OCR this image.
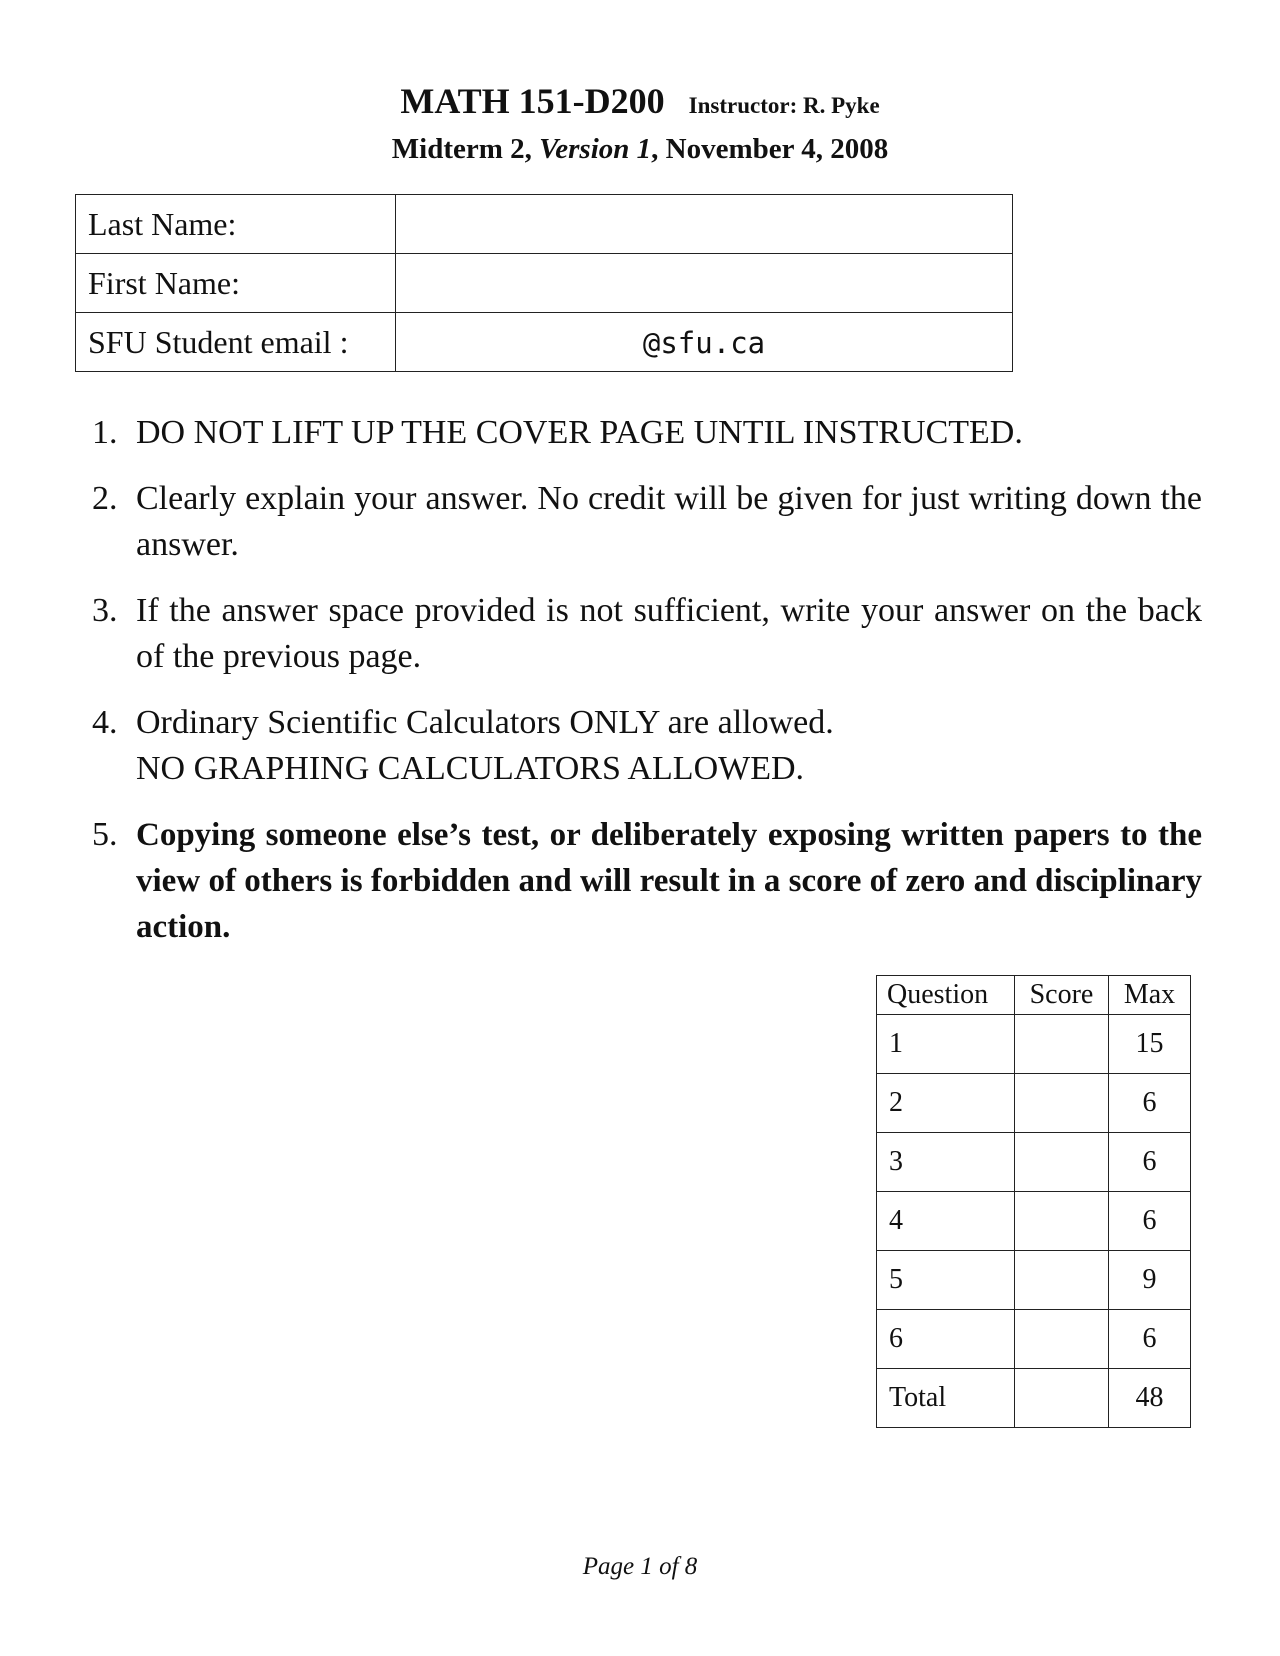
MATH 151-D200 Instructor: R. Pyke
Midterm 2, Version 1, November 4, 2008
Last Name:	
First Name:	
SFU Student email :	@sfu.ca
1. DO NOT LIFT UP THE COVER PAGE UNTIL INSTRUCTED.
2. Clearly explain your answer. No credit will be given for just writing down the answer.
3. If the answer space provided is not sufficient, write your answer on the back of the previous page.
4. Ordinary Scientific Calculators ONLY are allowed.
NO GRAPHING CALCULATORS ALLOWED.
5. Copying someone else’s test, or deliberately exposing written papers to the view of others is forbidden and will result in a score of zero and disciplinary action.
Question	Score	Max
1		15
2		6
3		6
4		6
5		9
6		6
Total		48
Page 1 of 8
